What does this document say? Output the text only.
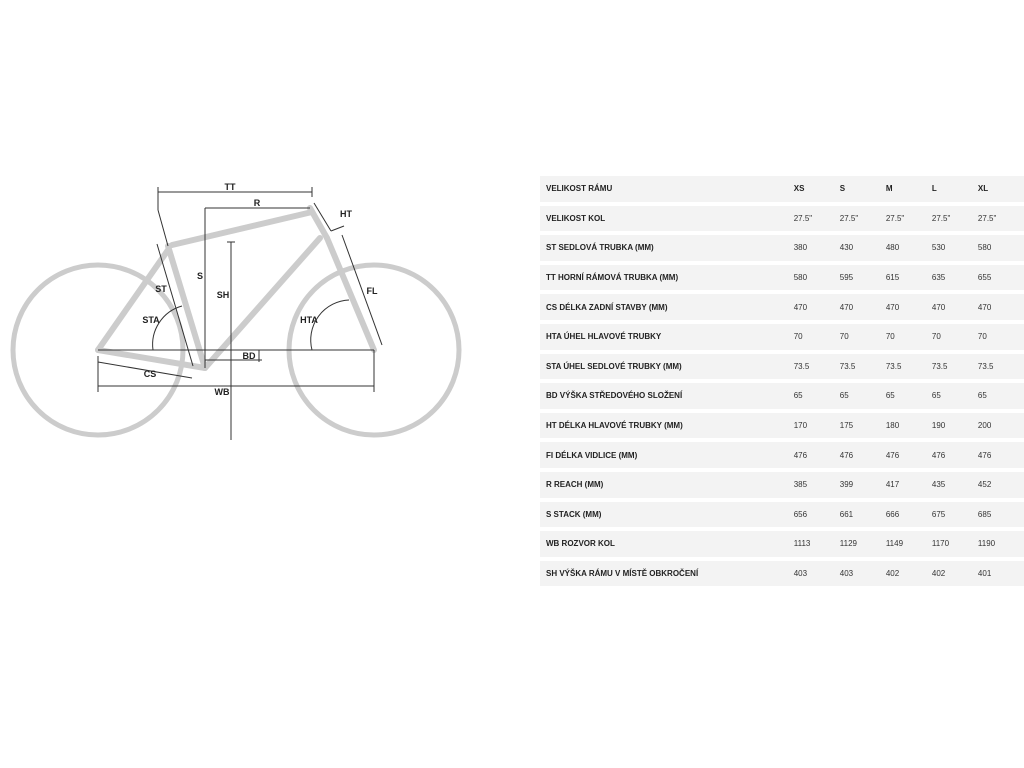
TT
R
HT
ST
S
SH	FL
STA	HTA
BD
CS
WB
VELIKOST RÁMU	XS	S	M	L	XL
VELIKOST KOL	27.5"	27.5"	27.5"	27.5"	27.5"
ST SEDLOVÁ TRUBKA (MM)	380	430	480	530	580
TT HORNÍ RÁMOVÁ TRUBKA (MM)	580	595	615	635	655
CS DÉLKA ZADNÍ STAVBY (MM)	470	470	470	470	470
HTA ÚHEL HLAVOVÉ TRUBKY	70	70	70	70	70
STA ÚHEL SEDLOVÉ TRUBKY (MM)	73.5	73.5	73.5	73.5	73.5
BD VÝŠKA STŘEDOVÉHO SLOŽENÍ	65	65	65	65	65
HT DÉLKA HLAVOVÉ TRUBKY (MM)	170	175	180	190	200
FI DÉLKA VIDLICE (MM)	476	476	476	476	476
R REACH (MM)	385	399	417	435	452
S STACK (MM)	656	661	666	675	685
WB ROZVOR KOL	1113	1129	1149	1170	1190
SH VÝŠKA RÁMU V MÍSTĚ OBKROČENÍ	403	403	402	402	401
